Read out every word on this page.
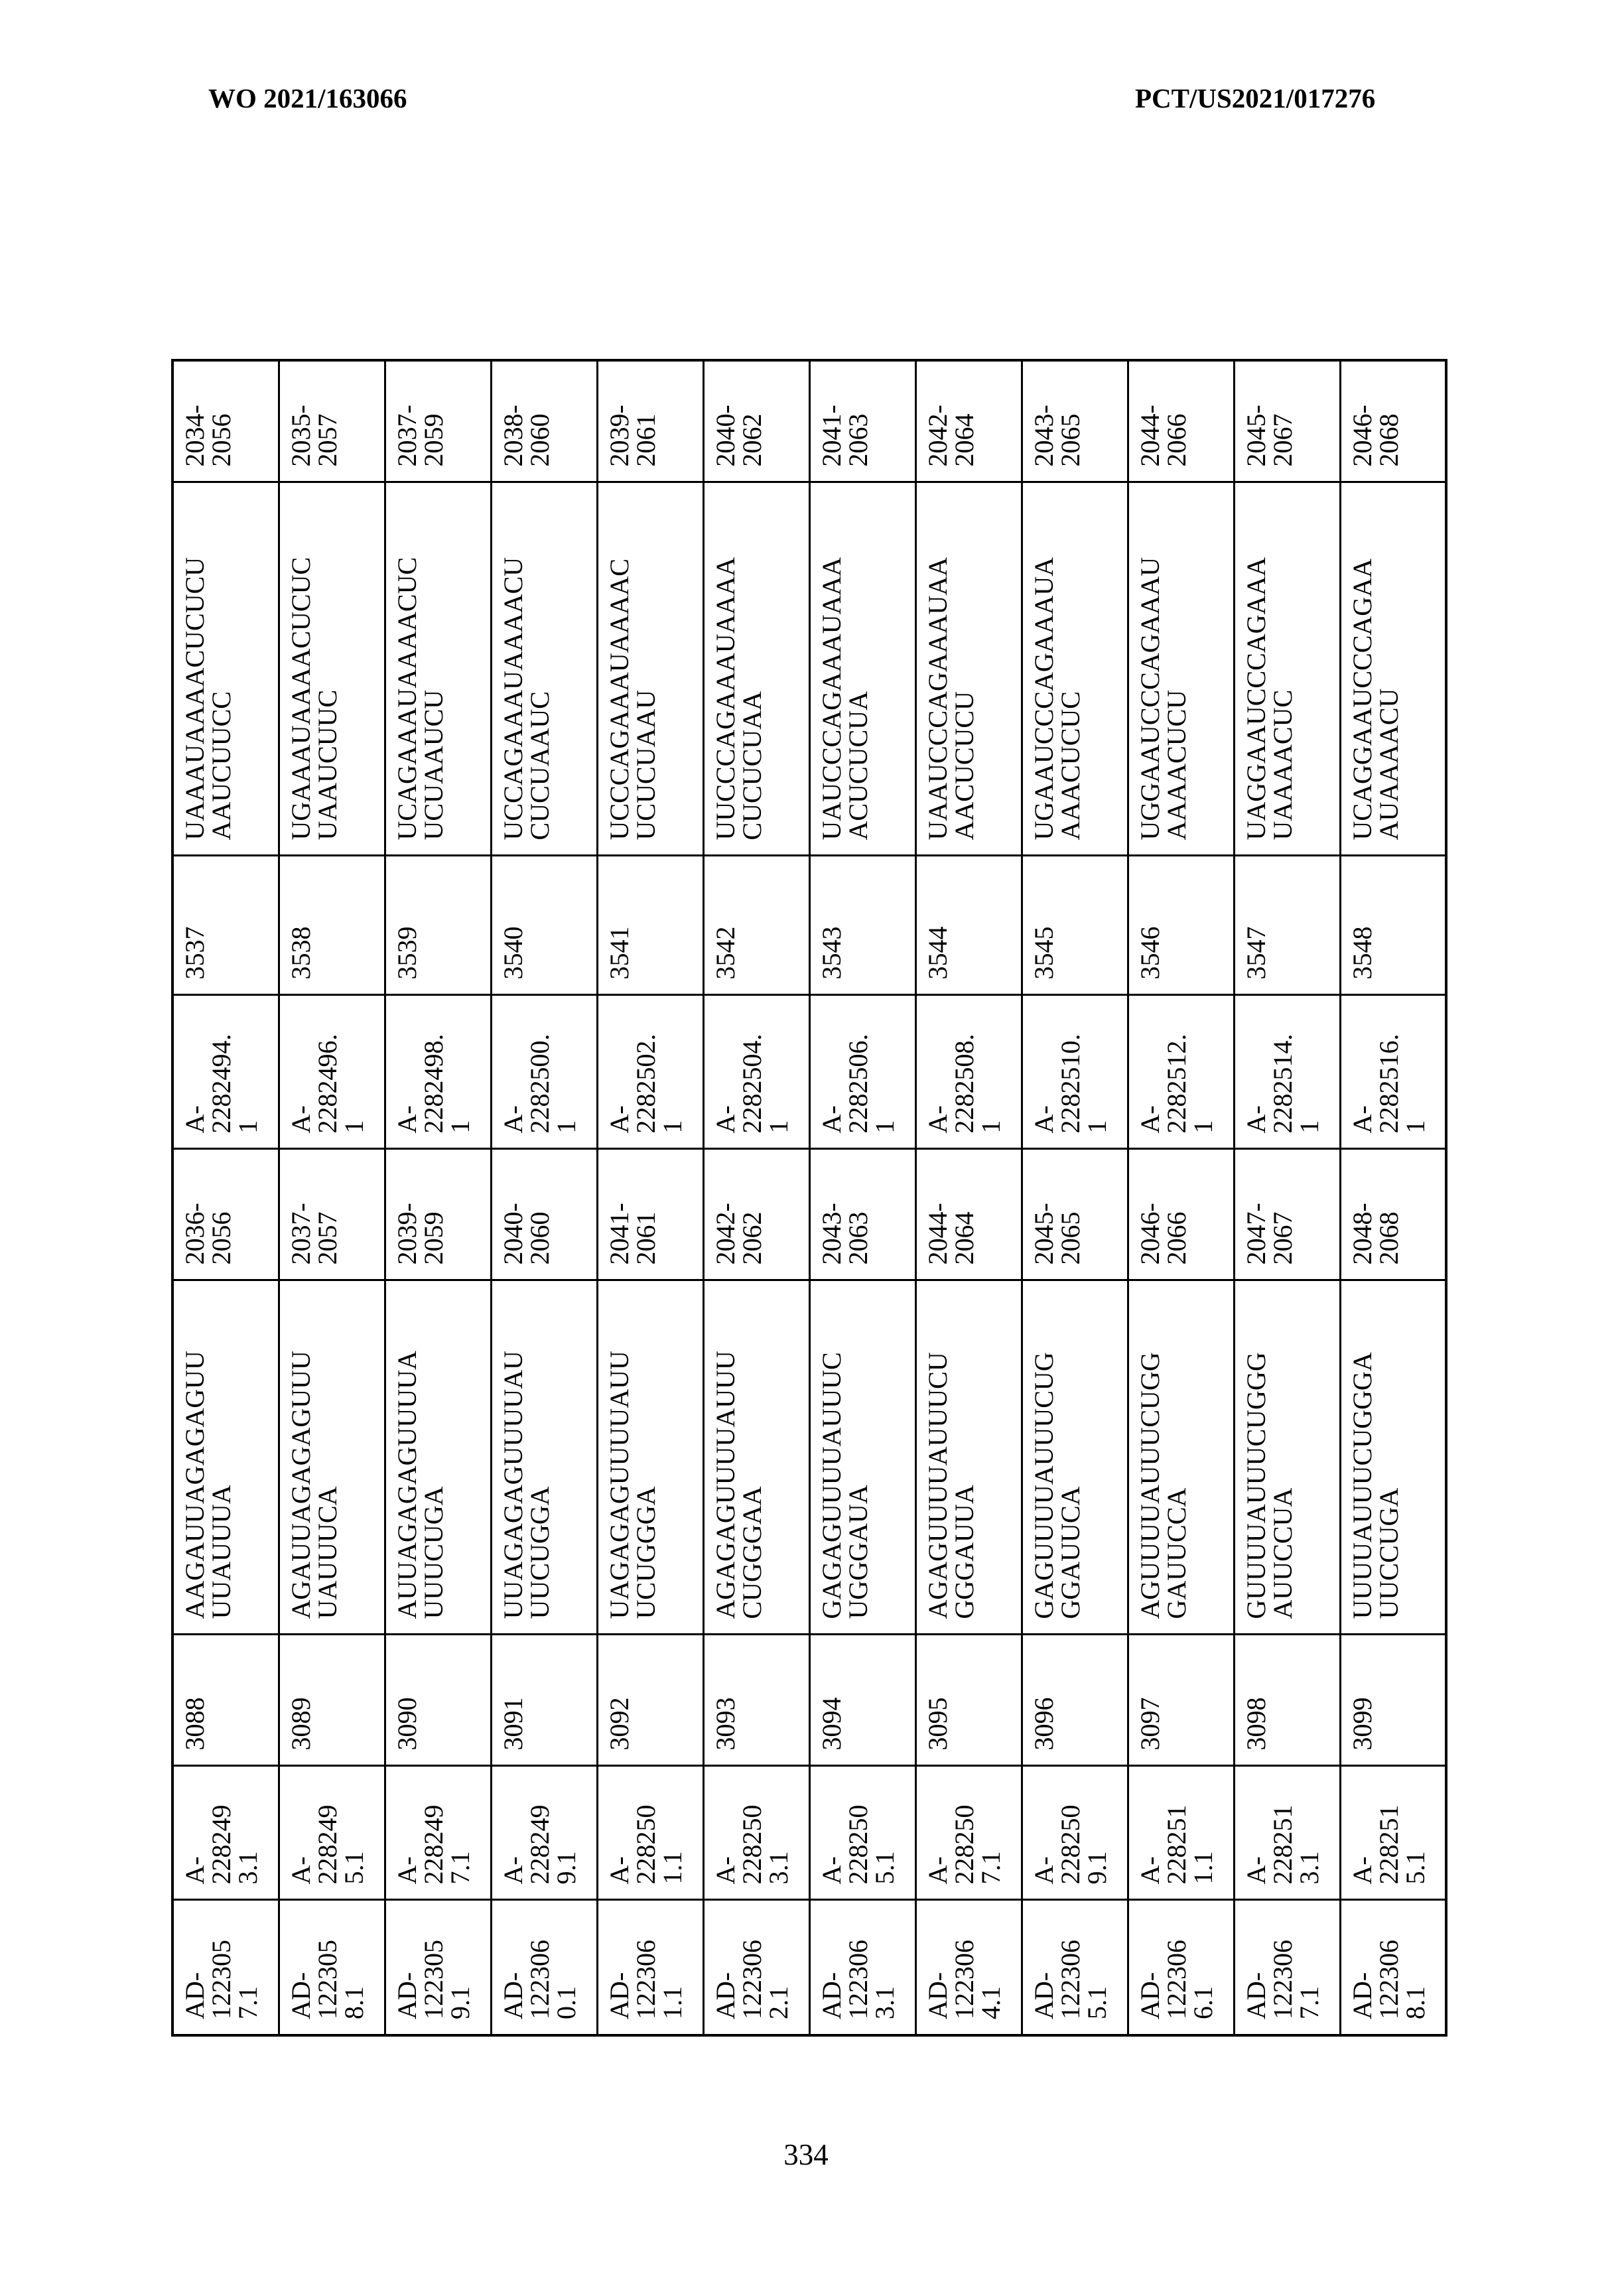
WO 2021/163066	PCT/US2021/017276
AD-
122305
7.1	A-
228249
3.1	3088	AAGAUUAGAGAGUU
UUAUUUA	2036-
2056	A-
2282494.
1	3537	UAAAUAAAACUCUCU
AAUCUUCC	2034-
2056

AD-
122305
8.1	A-
228249
5.1	3089	AGAUUAGAGAGUUU
UAUUUCA	2037-
2057	A-
2282496.
1	3538	UGAAAUAAAACUCUC
UAAUCUUC	2035-
2057

AD-
122305
9.1	A-
228249
7.1	3090	AUUAGAGAGUUUUA
UUUCUGA	2039-
2059	A-
2282498.
1	3539	UCAGAAAUAAAACUC
UCUAAUCU	2037-
2059

AD-
122306
0.1	A-
228249
9.1	3091	UUAGAGAGUUUUAU
UUCUGGA	2040-
2060	A-
2282500.
1	3540	UCCAGAAAUAAAACU
CUCUAAUC	2038-
2060

AD-
122306
1.1	A-
228250
1.1	3092	UAGAGAGUUUUAUU
UCUGGGA	2041-
2061	A-
2282502.
1	3541	UCCCAGAAAUAAAAC
UCUCUAAU	2039-
2061

AD-
122306
2.1	A-
228250
3.1	3093	AGAGAGUUUUAUUU
CUGGGAA	2042-
2062	A-
2282504.
1	3542	UUCCCAGAAAUAAAA
CUCUCUAA	2040-
2062

AD-
122306
3.1	A-
228250
5.1	3094	GAGAGUUUUAUUUC
UGGGAUA	2043-
2063	A-
2282506.
1	3543	UAUCCCAGAAAUAAA
ACUCUCUA	2041-
2063

AD-
122306
4.1	A-
228250
7.1	3095	AGAGUUUUAUUUCU
GGGAUUA	2044-
2064	A-
2282508.
1	3544	UAAUCCCAGAAAUAA
AACUCUCU	2042-
2064

AD-
122306
5.1	A-
228250
9.1	3096	GAGUUUUAUUUCUG
GGAUUCA	2045-
2065	A-
2282510.
1	3545	UGAAUCCCAGAAAUA
AAACUCUC	2043-
2065

AD-
122306
6.1	A-
228251
1.1	3097	AGUUUUAUUUCUGG
GAUUCCA	2046-
2066	A-
2282512.
1	3546	UGGAAUCCCAGAAAU
AAAACUCU	2044-
2066

AD-
122306
7.1	A-
228251
3.1	3098	GUUUUAUUUCUGGG
AUUCCUA	2047-
2067	A-
2282514.
1	3547	UAGGAAUCCCAGAAA
UAAAACUC	2045-
2067

AD-
122306
8.1	A-
228251
5.1	3099	UUUUAUUUCUGGGA
UUCCUGA	2048-
2068	A-
2282516.
1	3548	UCAGGAAUCCCAGAA
AUAAAACU	2046-
2068
334
